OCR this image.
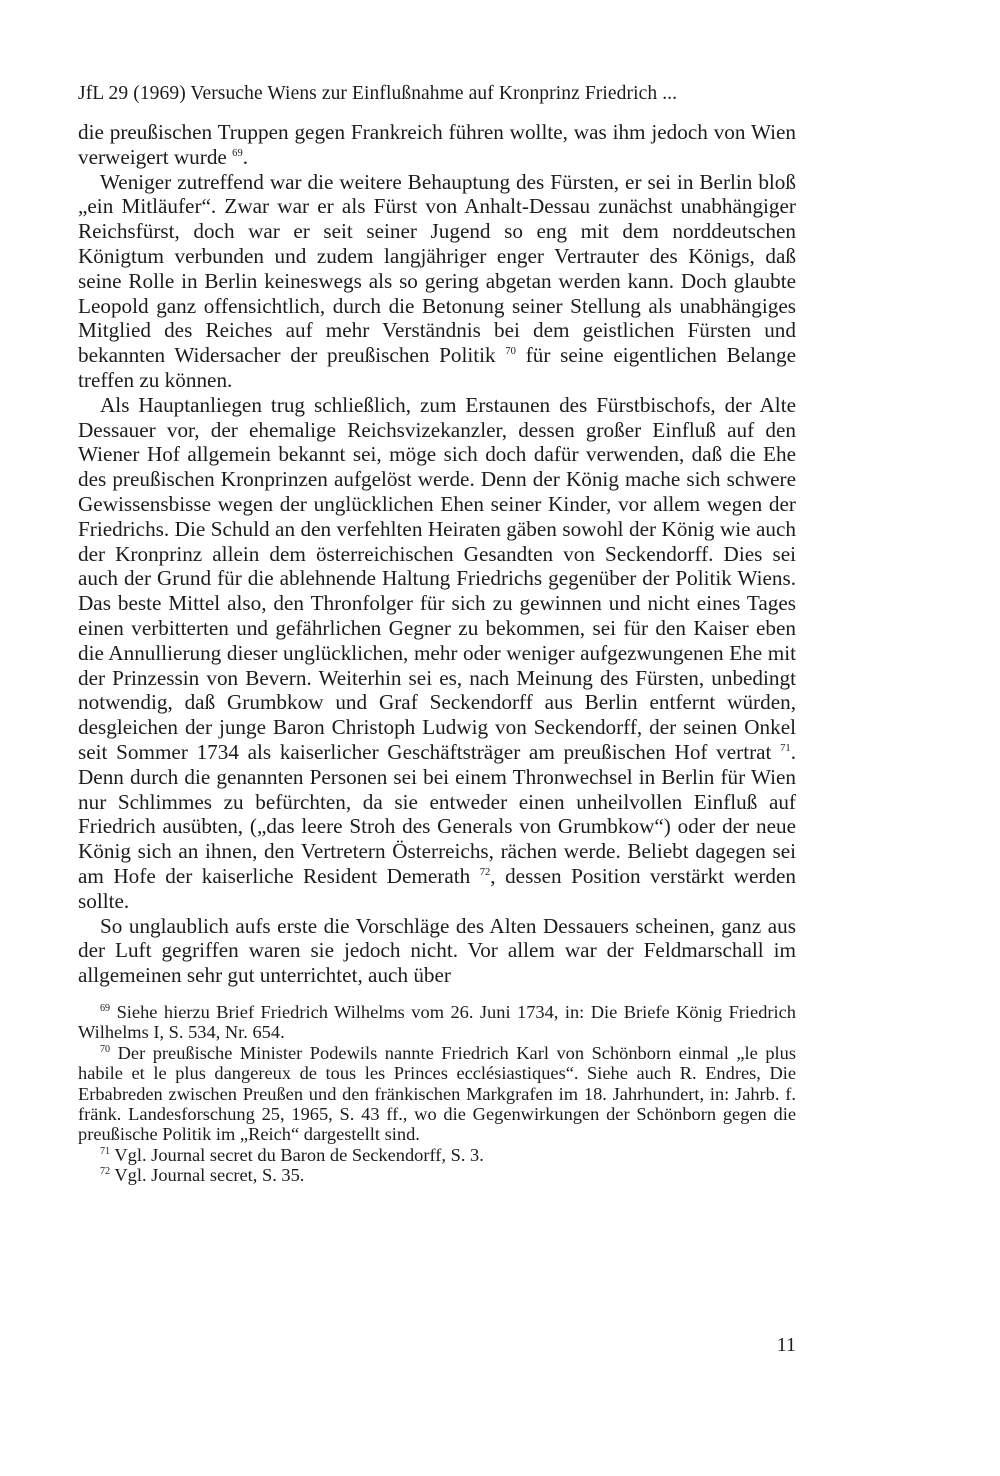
JfL 29 (1969) Versuche Wiens zur Einflußnahme auf Kronprinz Friedrich ...

die preußischen Truppen gegen Frankreich führen wollte, was ihm jedoch von Wien verweigert wurde $^{69}$.

Weniger zutreffend war die weitere Behauptung des Fürsten, er sei in Berlin bloß „ein Mitläufer“. Zwar war er als Fürst von Anhalt-Dessau zunächst unabhängiger Reichsfürst, doch war er seit seiner Jugend so eng mit dem norddeutschen Königtum verbunden und zudem langjähriger enger Vertrauter des Königs, daß seine Rolle in Berlin keineswegs als so gering abgetan werden kann. Doch glaubte Leopold ganz offensichtlich, durch die Betonung seiner Stellung als unabhängiges Mitglied des Reiches auf mehr Verständnis bei dem geistlichen Fürsten und bekannten Widersacher der preußischen Politik $^{70}$ für seine eigentlichen Belange treffen zu können.

Als Hauptanliegen trug schließlich, zum Erstaunen des Fürstbischofs, der Alte Dessauer vor, der ehemalige Reichsvizekanzler, dessen großer Einfluß auf den Wiener Hof allgemein bekannt sei, möge sich doch dafür verwenden, daß die Ehe des preußischen Kronprinzen aufgelöst werde. Denn der König mache sich schwere Gewissensbisse wegen der unglücklichen Ehen seiner Kinder, vor allem wegen der Friedrichs. Die Schuld an den verfehlten Heiraten gäben sowohl der König wie auch der Kronprinz allein dem österreichischen Gesandten von Seckendorff. Dies sei auch der Grund für die ablehnende Haltung Friedrichs gegenüber der Politik Wiens. Das beste Mittel also, den Thronfolger für sich zu gewinnen und nicht eines Tages einen verbitterten und gefährlichen Gegner zu bekommen, sei für den Kaiser eben die Annullierung dieser unglücklichen, mehr oder weniger aufgezwungenen Ehe mit der Prinzessin von Bevern. Weiterhin sei es, nach Meinung des Fürsten, unbedingt notwendig, daß Grumbkow und Graf Seckendorff aus Berlin entfernt würden, desgleichen der junge Baron Christoph Ludwig von Seckendorff, der seinen Onkel seit Sommer 1734 als kaiserlicher Geschäftsträger am preußischen Hof vertrat $^{71}$. Denn durch die genannten Personen sei bei einem Thronwechsel in Berlin für Wien nur Schlimmes zu befürchten, da sie entweder einen unheilvollen Einfluß auf Friedrich ausübten, („das leere Stroh des Generals von Grumbkow“) oder der neue König sich an ihnen, den Vertretern Österreichs, rächen werde. Beliebt dagegen sei am Hofe der kaiserliche Resident Demerath $^{72}$, dessen Position verstärkt werden sollte.

So unglaublich aufs erste die Vorschläge des Alten Dessauers scheinen, ganz aus der Luft gegriffen waren sie jedoch nicht. Vor allem war der Feldmarschall im allgemeinen sehr gut unterrichtet, auch über

$^{69}$ Siehe hierzu Brief Friedrich Wilhelms vom 26. Juni 1734, in: Die Briefe König Friedrich Wilhelms I, S. 534, Nr. 654.

$^{70}$ Der preußische Minister Podewils nannte Friedrich Karl von Schönborn einmal „le plus habile et le plus dangereux de tous les Princes ecclésiastiques“. Siehe auch R. Endres, Die Erbabreden zwischen Preußen und den fränkischen Markgrafen im 18. Jahrhundert, in: Jahrb. f. fränk. Landesforschung 25, 1965, S. 43 ff., wo die Gegenwirkungen der Schönborn gegen die preußische Politik im „Reich“ dargestellt sind.

$^{71}$ Vgl. Journal secret du Baron de Seckendorff, S. 3.

$^{72}$ Vgl. Journal secret, S. 35.

11
